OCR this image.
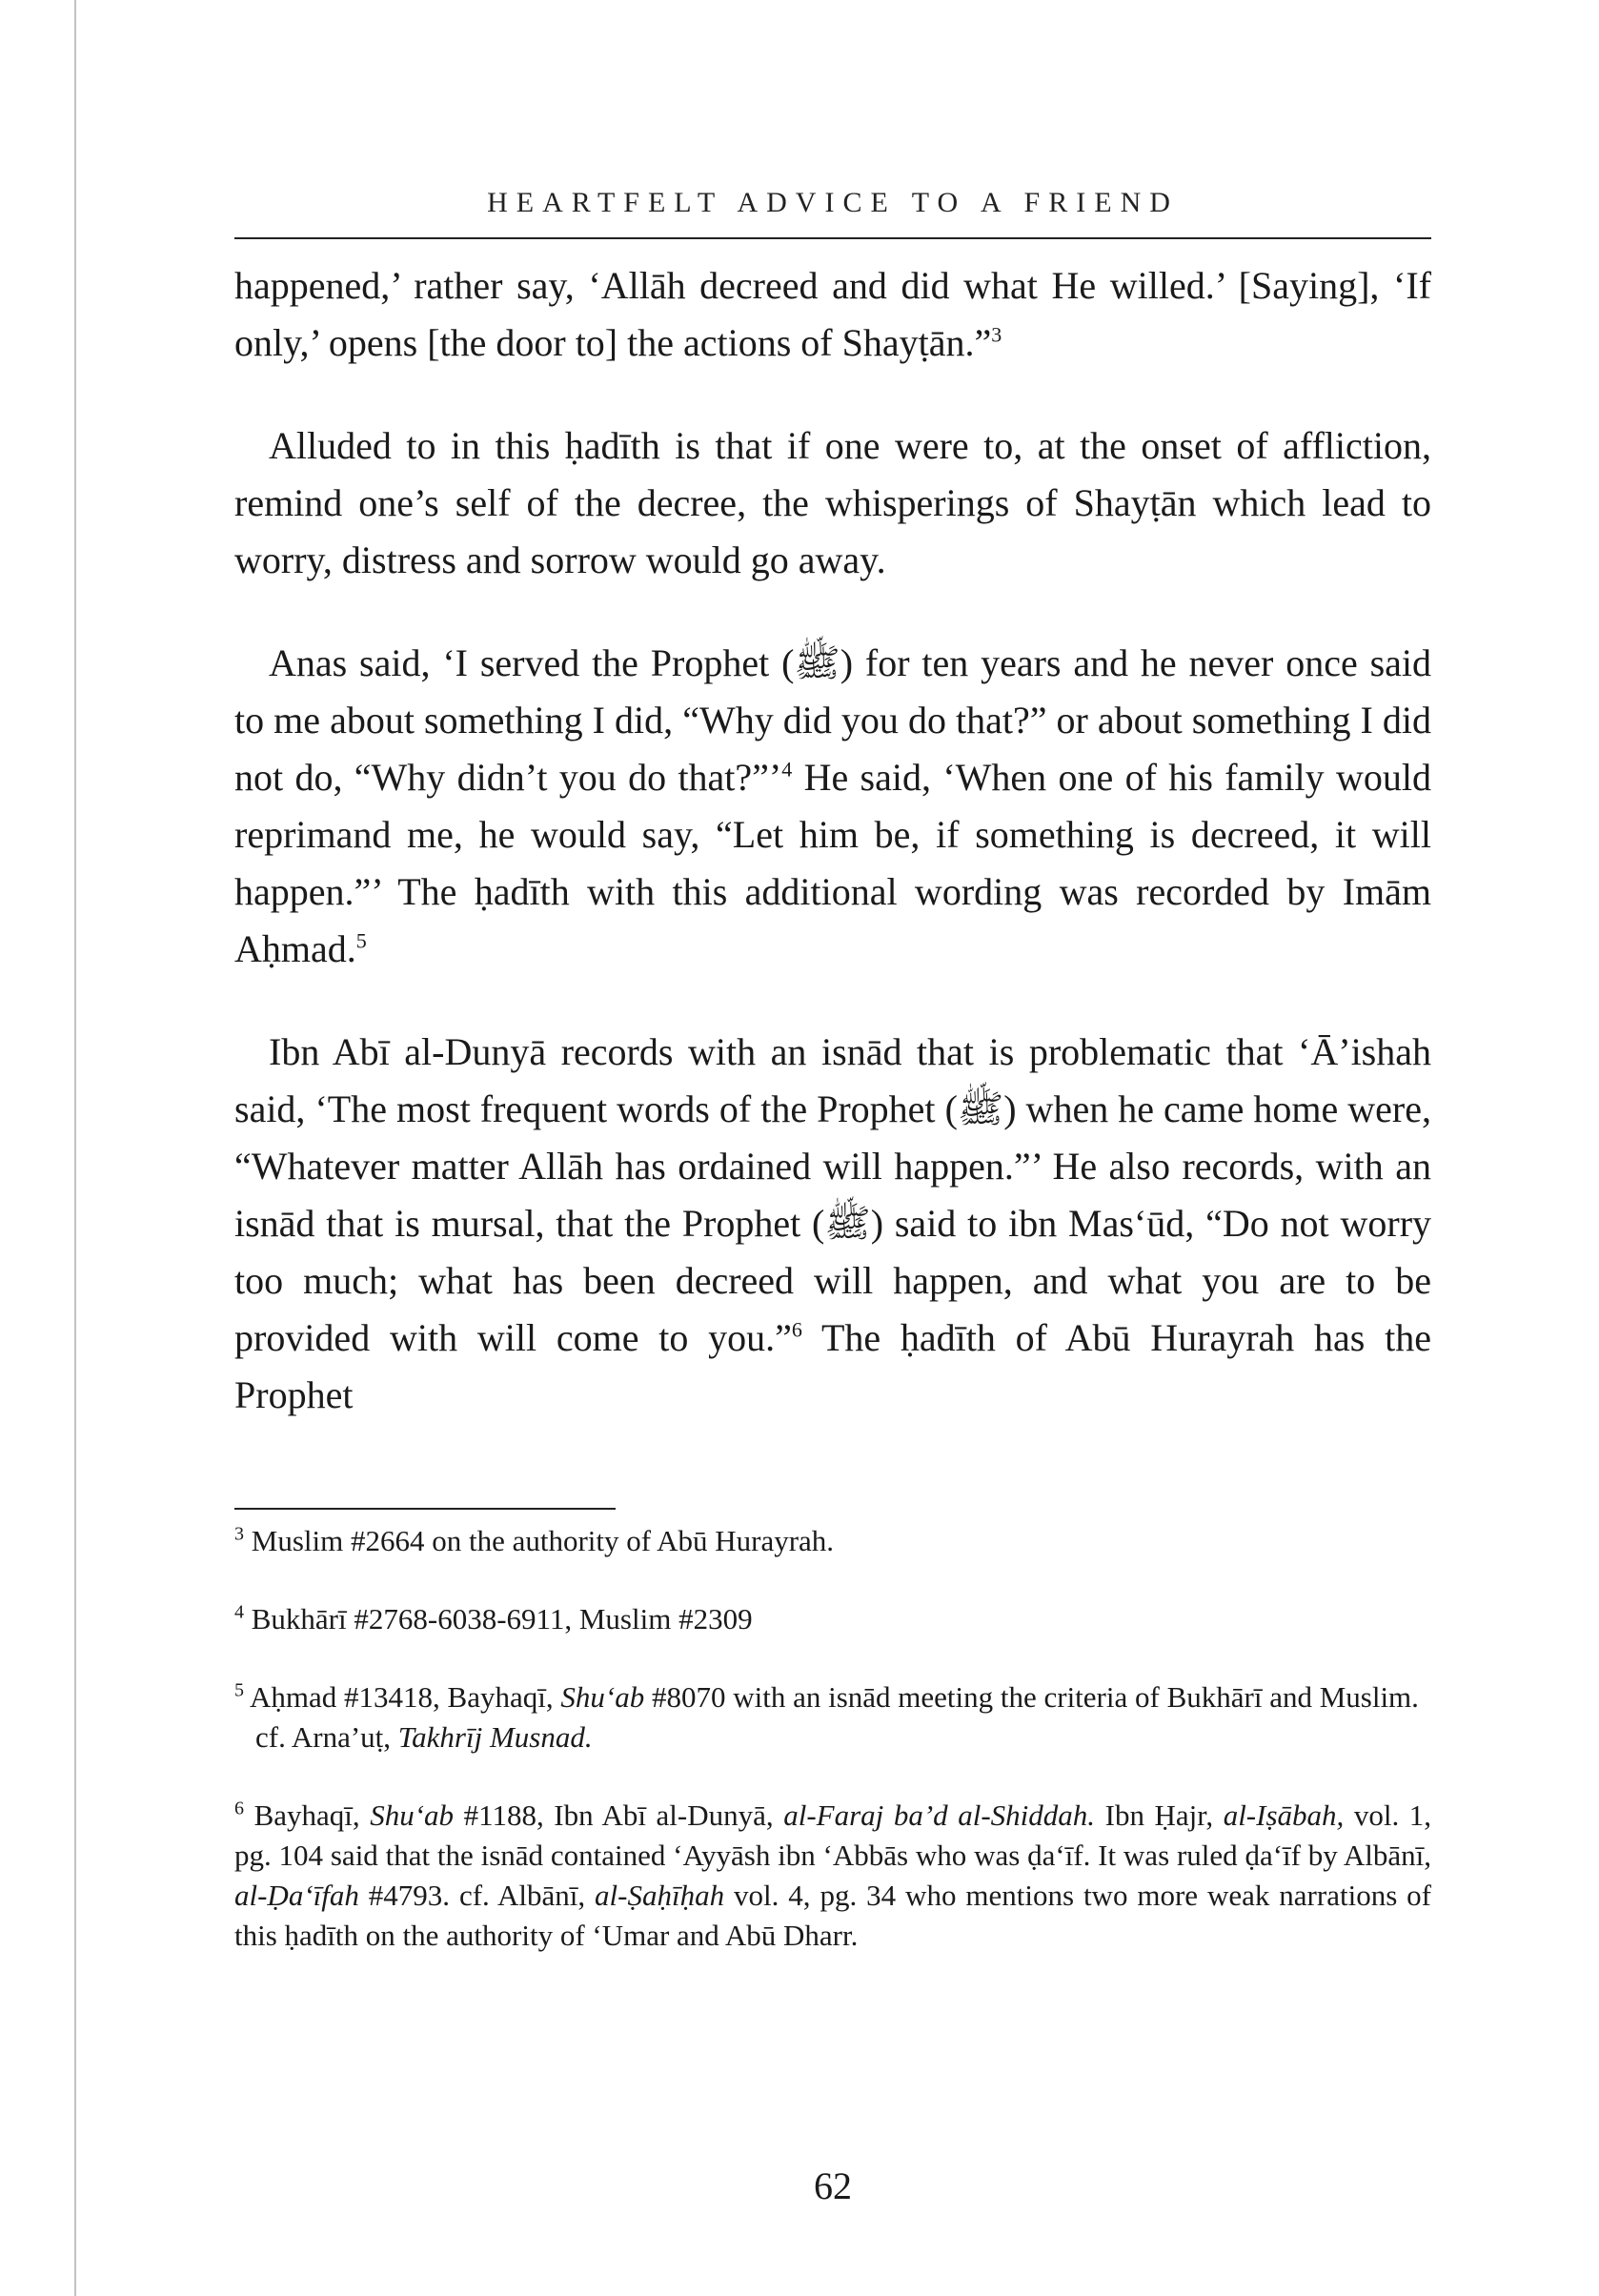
HEARTFELT ADVICE TO A FRIEND

happened,’ rather say, ‘Allāh decreed and did what He willed.’ [Saying], ‘If only,’ opens [the door to] the actions of Shayṭān.”$^3$

Alluded to in this ḥadīth is that if one were to, at the onset of affliction, remind one’s self of the decree, the whisperings of Shayṭān which lead to worry, distress and sorrow would go away.

Anas said, ‘I served the Prophet (ﷺ) for ten years and he never once said to me about something I did, “Why did you do that?” or about something I did not do, “Why didn’t you do that?”’$^4$ He said, ‘When one of his family would reprimand me, he would say, “Let him be, if something is decreed, it will happen.”’ The ḥadīth with this additional wording was recorded by Imām Aḥmad.$^5$

Ibn Abī al-Dunyā records with an isnād that is problematic that ‘Ā’ishah said, ‘The most frequent words of the Prophet (ﷺ) when he came home were, “Whatever matter Allāh has ordained will happen.”’ He also records, with an isnād that is mursal, that the Prophet (ﷺ) said to ibn Mas‘ūd, “Do not worry too much; what has been decreed will happen, and what you are to be provided with will come to you.”$^6$ The ḥadīth of Abū Hurayrah has the Prophet

$^3$ Muslim #2664 on the authority of Abū Hurayrah.
$^4$ Bukhārī #2768-6038-6911, Muslim #2309
$^5$ Aḥmad #13418, Bayhaqī, Shu‘ab #8070 with an isnād meeting the criteria of Bukhārī and Muslim.
cf. Arna’uṭ, Takhrīj Musnad.
$^6$ Bayhaqī, Shu‘ab #1188, Ibn Abī al-Dunyā, al-Faraj ba’d al-Shiddah. Ibn Ḥajr, al-Iṣābah, vol. 1, pg. 104 said that the isnād contained ‘Ayyāsh ibn ‘Abbās who was ḍa‘īf. It was ruled ḍa‘īf by Albānī, al-Ḍa‘īfah #4793. cf. Albānī, al-Ṣaḥīḥah vol. 4, pg. 34 who mentions two more weak narrations of this ḥadīth on the authority of ‘Umar and Abū Dharr.
62
